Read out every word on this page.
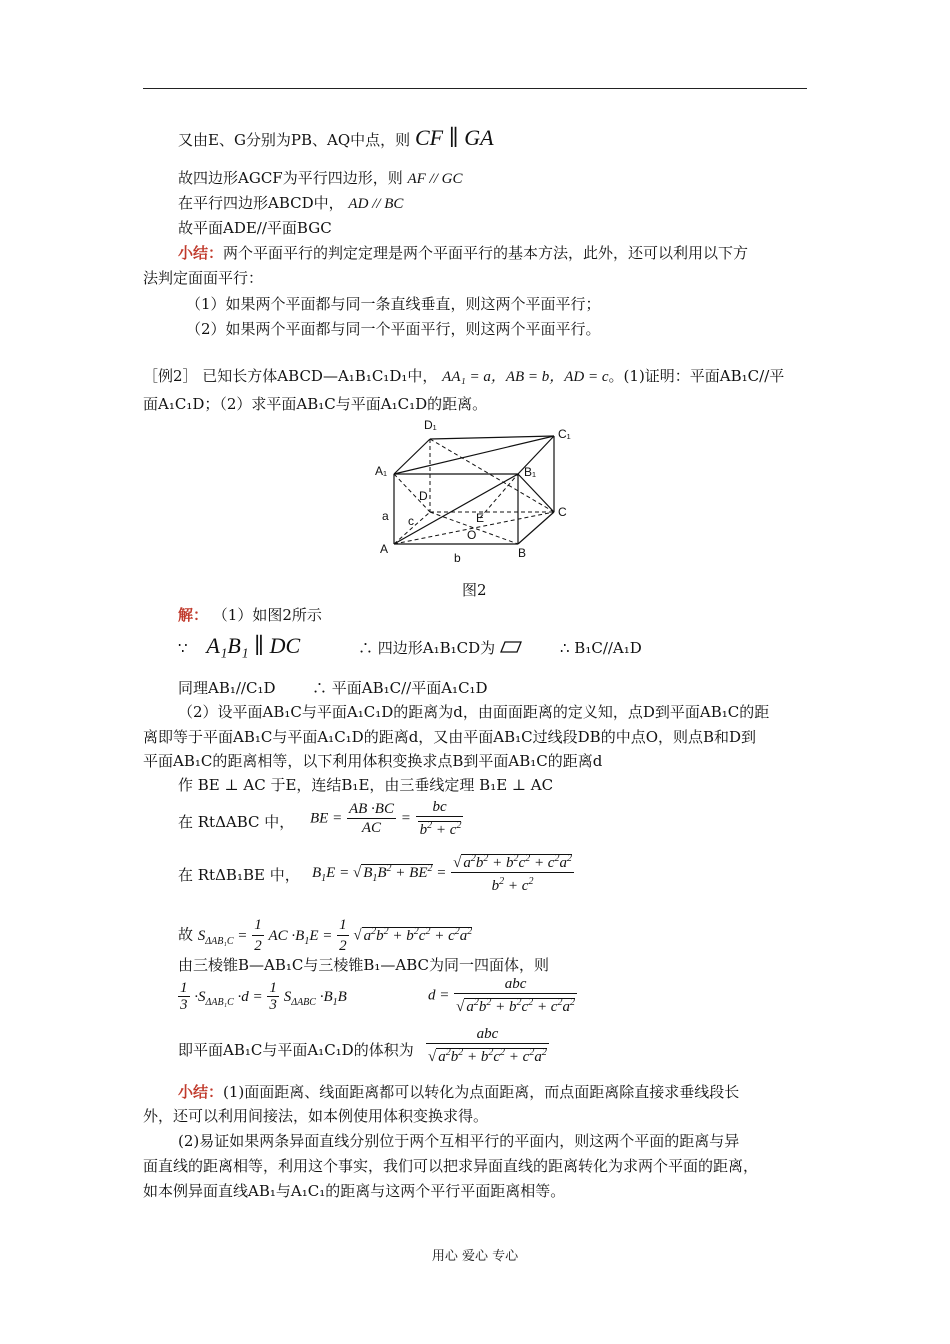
又由E、G分别为PB、AQ中点，则 CF ∥ GA
故四边形AGCF为平行四边形，则 AF // GC
在平行四边形ABCD中， AD // BC
故平面ADE//平面BGC
小结：两个平面平行的判定定理是两个平面平行的基本方法，此外，还可以利用以下方
法判定面面平行：
（1）如果两个平面都与同一条直线垂直，则这两个平面平行；
（2）如果两个平面都与同一个平面平行，则这两个平面平行。
［例2］ 已知长方体ABCD—A₁B₁C₁D₁中， AA₁ = a，AB = b，AD = c。(1)证明：平面AB₁C//平
面A₁C₁D；（2）求平面AB₁C与平面A₁C₁D的距离。
D₁
C₁
A₁	B₁
D
C
A	B
E
O
a
b
c
图2
解： （1）如图2所示
∵ A₁B₁ ∥ DC	∴ 四边形A₁B₁CD为	∴ B₁C//A₁D
同理AB₁//C₁D ∴ 平面AB₁C//平面A₁C₁D
（2）设平面AB₁C与平面A₁C₁D的距离为d，由面面距离的定义知，点D到平面AB₁C的距
离即等于平面AB₁C与平面A₁C₁D的距离d，又由平面AB₁C过线段DB的中点O，则点B和D到
平面AB₁C的距离相等，以下利用体积变换求点B到平面AB₁C的距离d
作 BE ⊥ AC 于E，连结B₁E，由三垂线定理 B₁E ⊥ AC
在 RtΔABC 中， BE = $\frac{AB \cdot BC}{AC} = \frac{bc}{b^2 + c^2}$
在 RtΔB₁BE 中， $B_1E$ = √ $B_1B^2 + BE^2 = \frac{√ a^2b^2 + b^2c^2 + c^2a^2}{b^2 + c^2}$
故 $S_{\Delta AB_1C} = \frac{1}{2}$ AC $\cdot B_1E = \frac{1}{2}$ √ $a^2b^2 + b^2c^2 + c^2a^2$
由三棱锥B—AB₁C与三棱锥B₁—ABC为同一四面体，则
$\frac{1}{3} \cdot S_{\Delta AB_1C} \cdot d = \frac{1}{3} S_{\Delta ABC} \cdot B_1B$	$d = \frac{\text{abc}}{√ a^2b^2 + b^2c^2 + c^2a^2}$
即平面AB₁C与平面A₁C₁D的体积为 $\frac{\text{abc}}{√ a^2b^2 + b^2c^2 + c^2a^2}$
小结：(1)面面距离、线面距离都可以转化为点面距离，而点面距离除直接求垂线段长
外，还可以利用间接法，如本例使用体积变换求得。
(2)易证如果两条异面直线分别位于两个互相平行的平面内，则这两个平面的距离与异
面直线的距离相等，利用这个事实，我们可以把求异面直线的距离转化为求两个平面的距离，
如本例异面直线AB₁与A₁C₁的距离与这两个平行平面距离相等。
用心 爱心 专心
